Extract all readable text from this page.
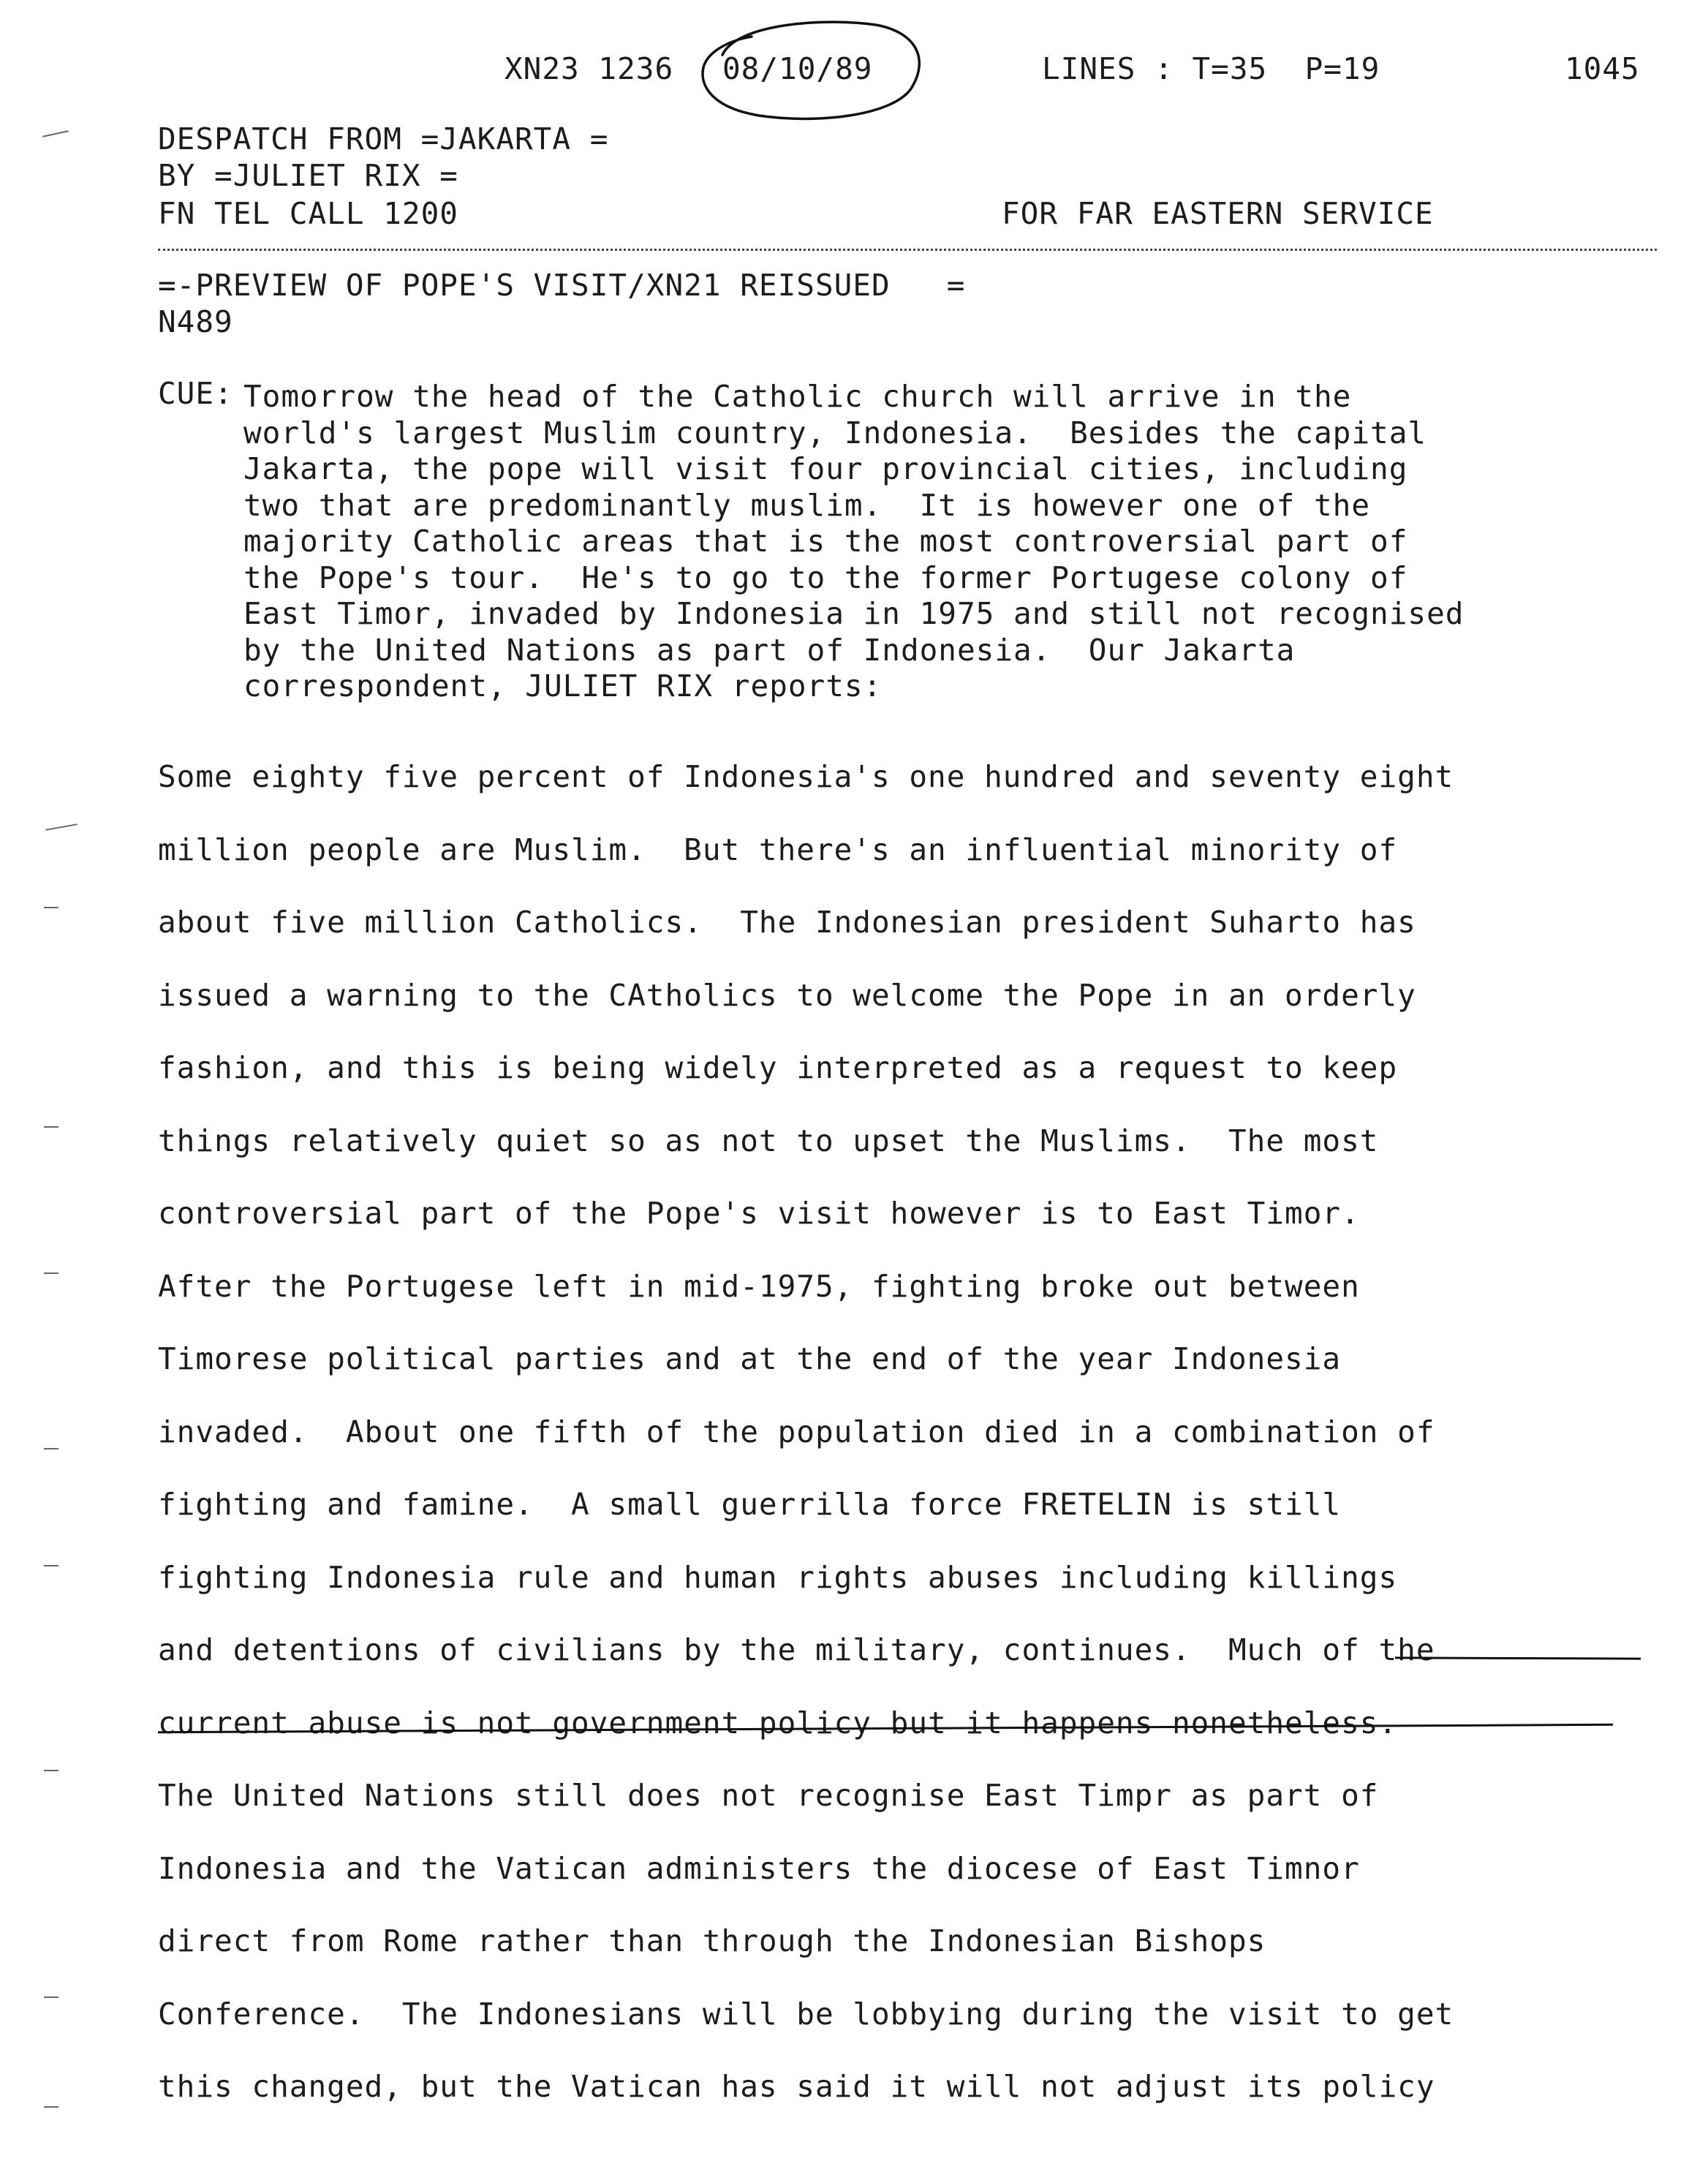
XN23 1236 08/10/89	LINES : T=35  P=19	1045
DESPATCH FROM =JAKARTA =
BY =JULIET RIX =
FN TEL CALL 1200	FOR FAR EASTERN SERVICE
=-PREVIEW OF POPE'S VISIT/XN21 REISSUED   =
N489
CUE: Tomorrow the head of the Catholic church will arrive in the
world's largest Muslim country, Indonesia.  Besides the capital
Jakarta, the pope will visit four provincial cities, including
two that are predominantly muslim.  It is however one of the
majority Catholic areas that is the most controversial part of
the Pope's tour.  He's to go to the former Portugese colony of
East Timor, invaded by Indonesia in 1975 and still not recognised
by the United Nations as part of Indonesia.  Our Jakarta
correspondent, JULIET RIX reports:
Some eighty five percent of Indonesia's one hundred and seventy eight
million people are Muslim.  But there's an influential minority of
about five million Catholics.  The Indonesian president Suharto has
issued a warning to the CAtholics to welcome the Pope in an orderly
fashion, and this is being widely interpreted as a request to keep
things relatively quiet so as not to upset the Muslims.  The most
controversial part of the Pope's visit however is to East Timor.
After the Portugese left in mid-1975, fighting broke out between
Timorese political parties and at the end of the year Indonesia
invaded.  About one fifth of the population died in a combination of
fighting and famine.  A small guerrilla force FRETELIN is still
fighting Indonesia rule and human rights abuses including killings
and detentions of civilians by the military, continues.  Much of the
current abuse is not government policy but it happens nonetheless.
The United Nations still does not recognise East Timpr as part of
Indonesia and the Vatican administers the diocese of East Timnor
direct from Rome rather than through the Indonesian Bishops
Conference.  The Indonesians will be lobbying during the visit to get
this changed, but the Vatican has said it will not adjust its policy
